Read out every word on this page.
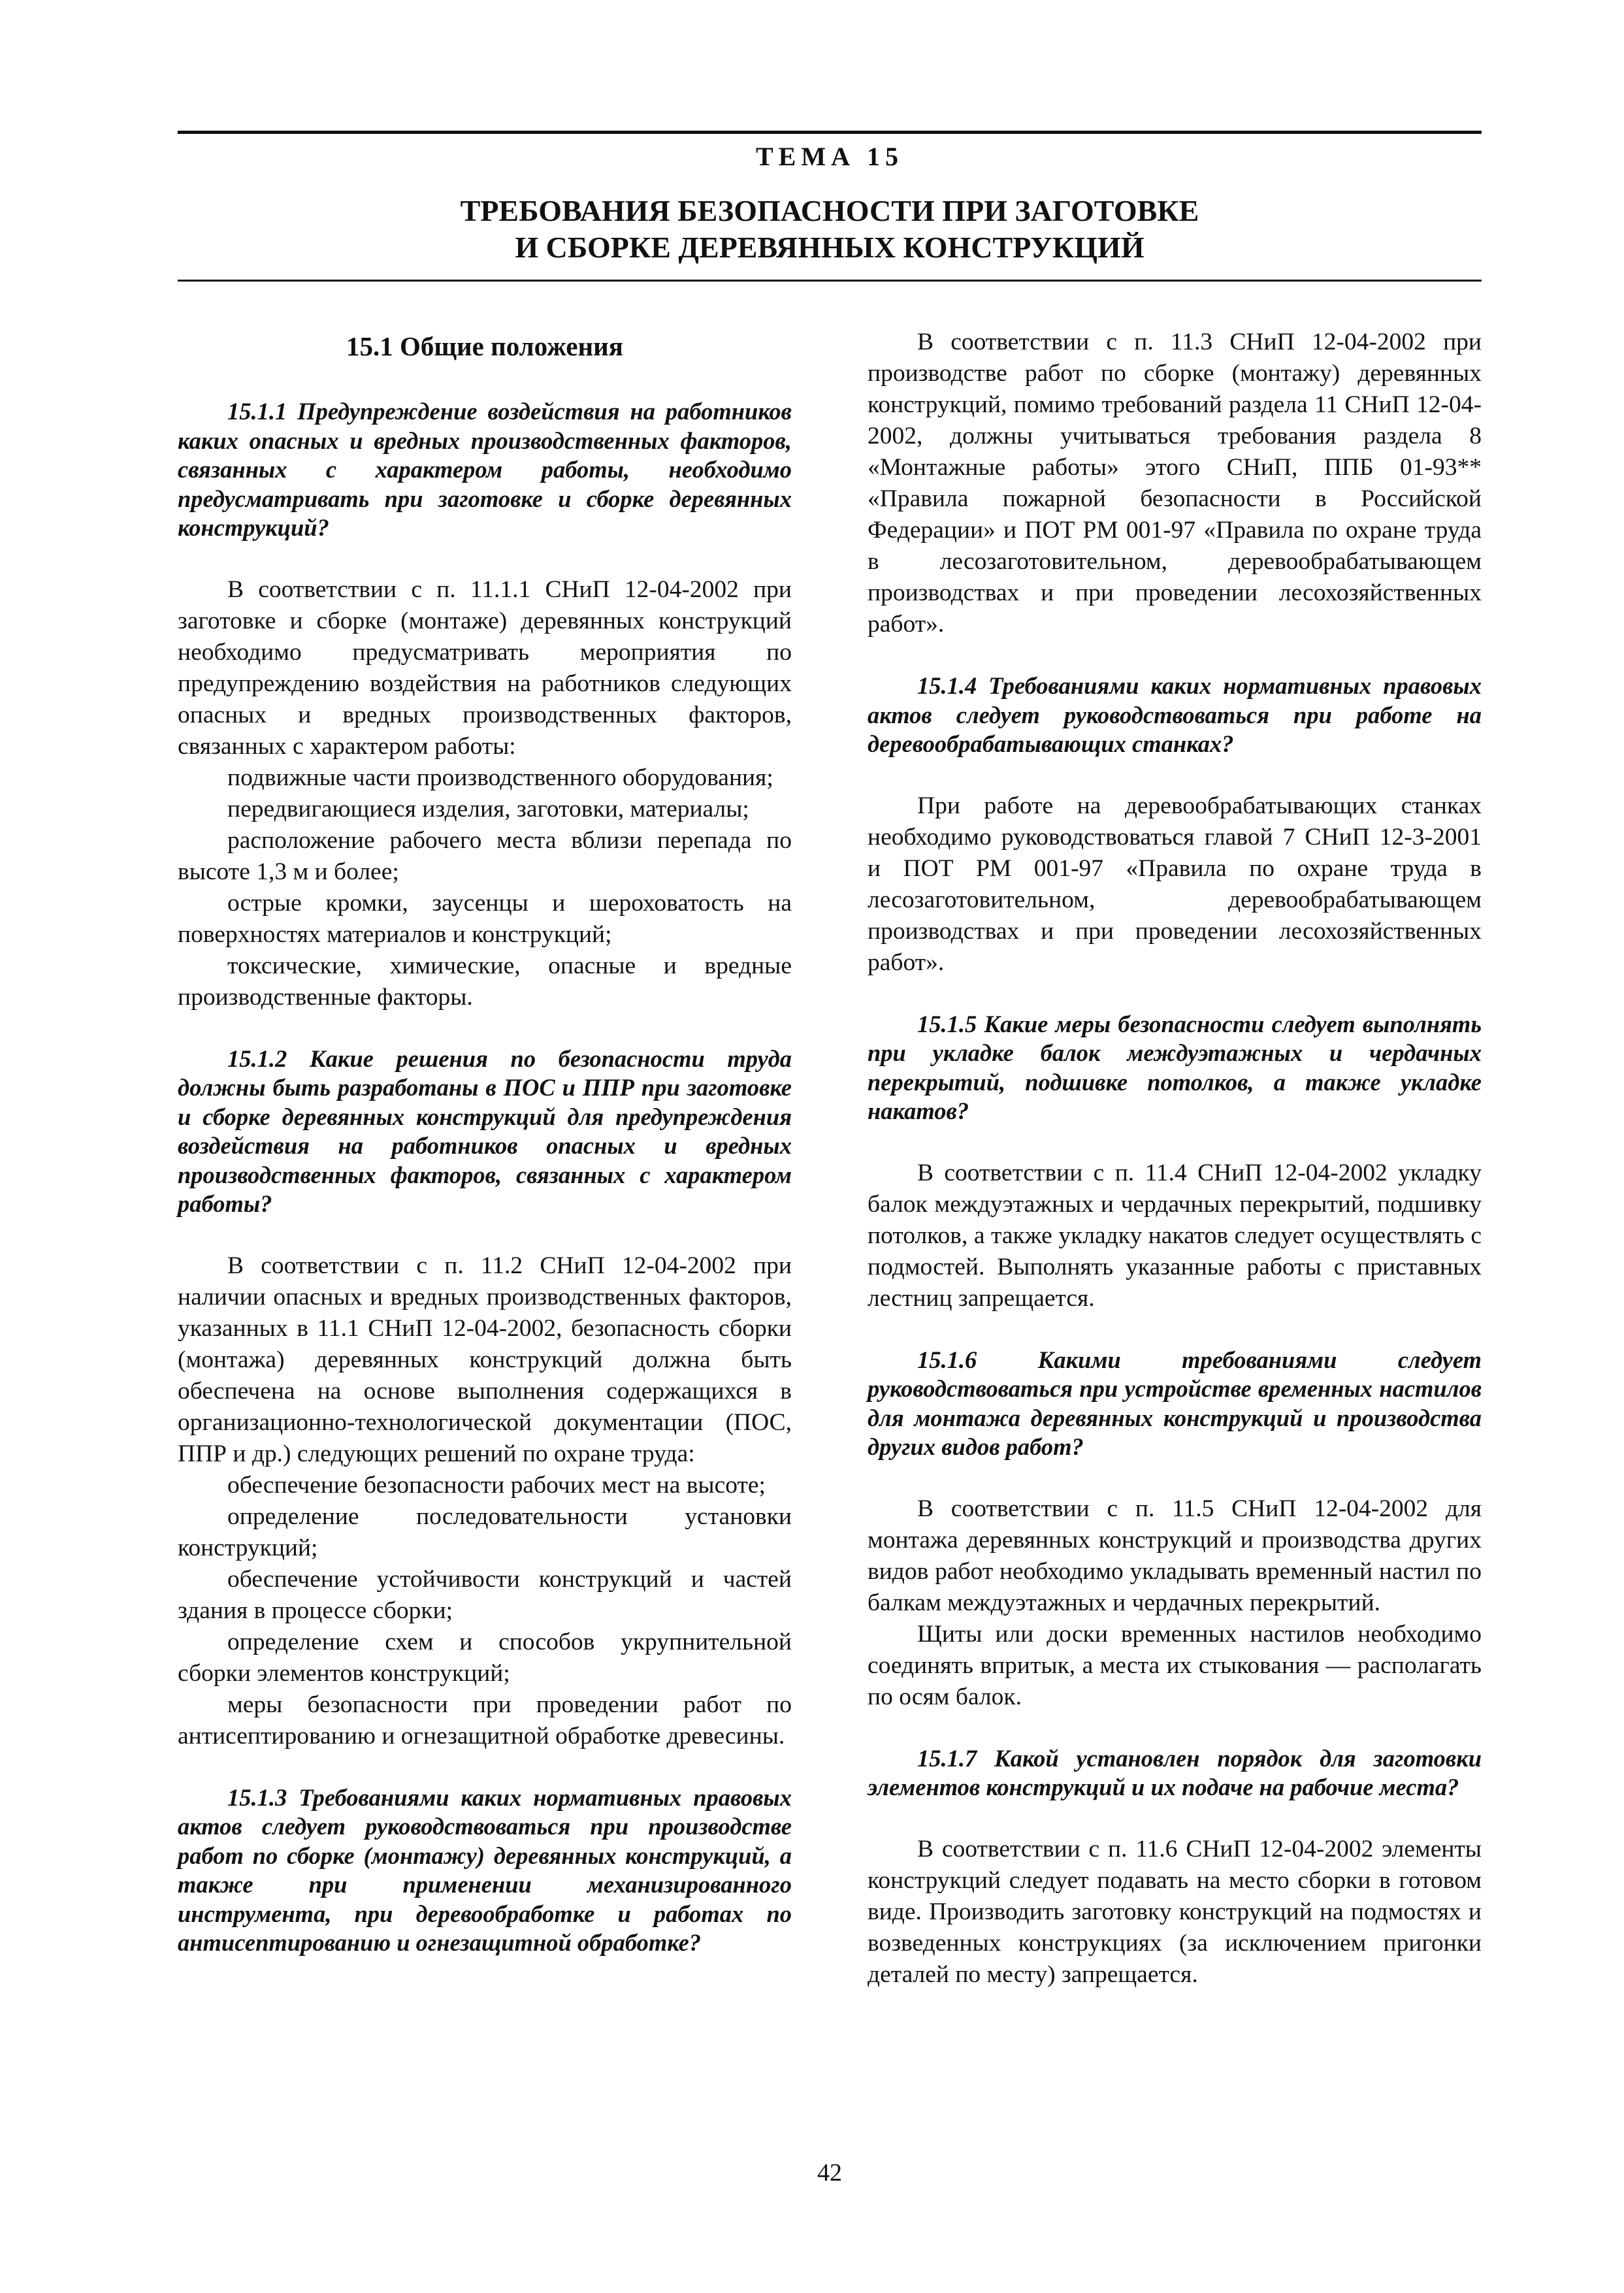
ТЕМА 15
ТРЕБОВАНИЯ БЕЗОПАСНОСТИ ПРИ ЗАГОТОВКЕ
И СБОРКЕ ДЕРЕВЯННЫХ КОНСТРУКЦИЙ

15.1 Общие положения

15.1.1 Предупреждение воздействия на работников каких опасных и вредных производственных факторов, связанных с характером работы, необходимо предусматривать при заготовке и сборке деревянных конструкций?

В соответствии с п. 11.1.1 СНиП 12-04-2002 при заготовке и сборке (монтаже) деревянных конструкций необходимо предусматривать мероприятия по предупреждению воздействия на работников следующих опасных и вредных производственных факторов, связанных с характером работы:

подвижные части производственного оборудования;

передвигающиеся изделия, заготовки, материалы;

расположение рабочего места вблизи перепада по высоте 1,3 м и более;

острые кромки, заусенцы и шероховатость на поверхностях материалов и конструкций;

токсические, химические, опасные и вредные производственные факторы.

15.1.2 Какие решения по безопасности труда должны быть разработаны в ПОС и ППР при заготовке и сборке деревянных конструкций для предупреждения воздействия на работников опасных и вредных производственных факторов, связанных с характером работы?

В соответствии с п. 11.2 СНиП 12-04-2002 при наличии опасных и вредных производственных факторов, указанных в 11.1 СНиП 12-04-2002, безопасность сборки (монтажа) деревянных конструкций должна быть обеспечена на основе выполнения содержащихся в организационно-технологической документации (ПОС, ППР и др.) следующих решений по охране труда:

обеспечение безопасности рабочих мест на высоте;

определение последовательности установки конструкций;

обеспечение устойчивости конструкций и частей здания в процессе сборки;

определение схем и способов укрупнительной сборки элементов конструкций;

меры безопасности при проведении работ по антисептированию и огнезащитной обработке древесины.

15.1.3 Требованиями каких нормативных правовых актов следует руководствоваться при производстве работ по сборке (монтажу) деревянных конструкций, а также при применении механизированного инструмента, при деревообработке и работах по антисептированию и огнезащитной обработке?

В соответствии с п. 11.3 СНиП 12-04-2002 при производстве работ по сборке (монтажу) деревянных конструкций, помимо требований раздела 11 СНиП 12-04-2002, должны учитываться требования раздела 8 «Монтажные работы» этого СНиП, ППБ 01-93** «Правила пожарной безопасности в Российской Федерации» и ПОТ РМ 001-97 «Правила по охране труда в лесозаготовительном, деревообрабатывающем производствах и при проведении лесохозяйственных работ».

15.1.4 Требованиями каких нормативных правовых актов следует руководствоваться при работе на деревообрабатывающих станках?

При работе на деревообрабатывающих станках необходимо руководствоваться главой 7 СНиП 12-3-2001 и ПОТ РМ 001-97 «Правила по охране труда в лесозаготовительном, деревообрабатывающем производствах и при проведении лесохозяйственных работ».

15.1.5 Какие меры безопасности следует выполнять при укладке балок междуэтажных и чердачных перекрытий, подшивке потолков, а также укладке накатов?

В соответствии с п. 11.4 СНиП 12-04-2002 укладку балок междуэтажных и чердачных перекрытий, подшивку потолков, а также укладку накатов следует осуществлять с подмостей. Выполнять указанные работы с приставных лестниц запрещается.

15.1.6 Какими требованиями следует руководствоваться при устройстве временных настилов для монтажа деревянных конструкций и производства других видов работ?

В соответствии с п. 11.5 СНиП 12-04-2002 для монтажа деревянных конструкций и производства других видов работ необходимо укладывать временный настил по балкам междуэтажных и чердачных перекрытий.

Щиты или доски временных настилов необходимо соединять впритык, а места их стыкования — располагать по осям балок.

15.1.7 Какой установлен порядок для заготовки элементов конструкций и их подаче на рабочие места?

В соответствии с п. 11.6 СНиП 12-04-2002 элементы конструкций следует подавать на место сборки в готовом виде. Производить заготовку конструкций на подмостях и возведенных конструкциях (за исключением пригонки деталей по месту) запрещается.

42
